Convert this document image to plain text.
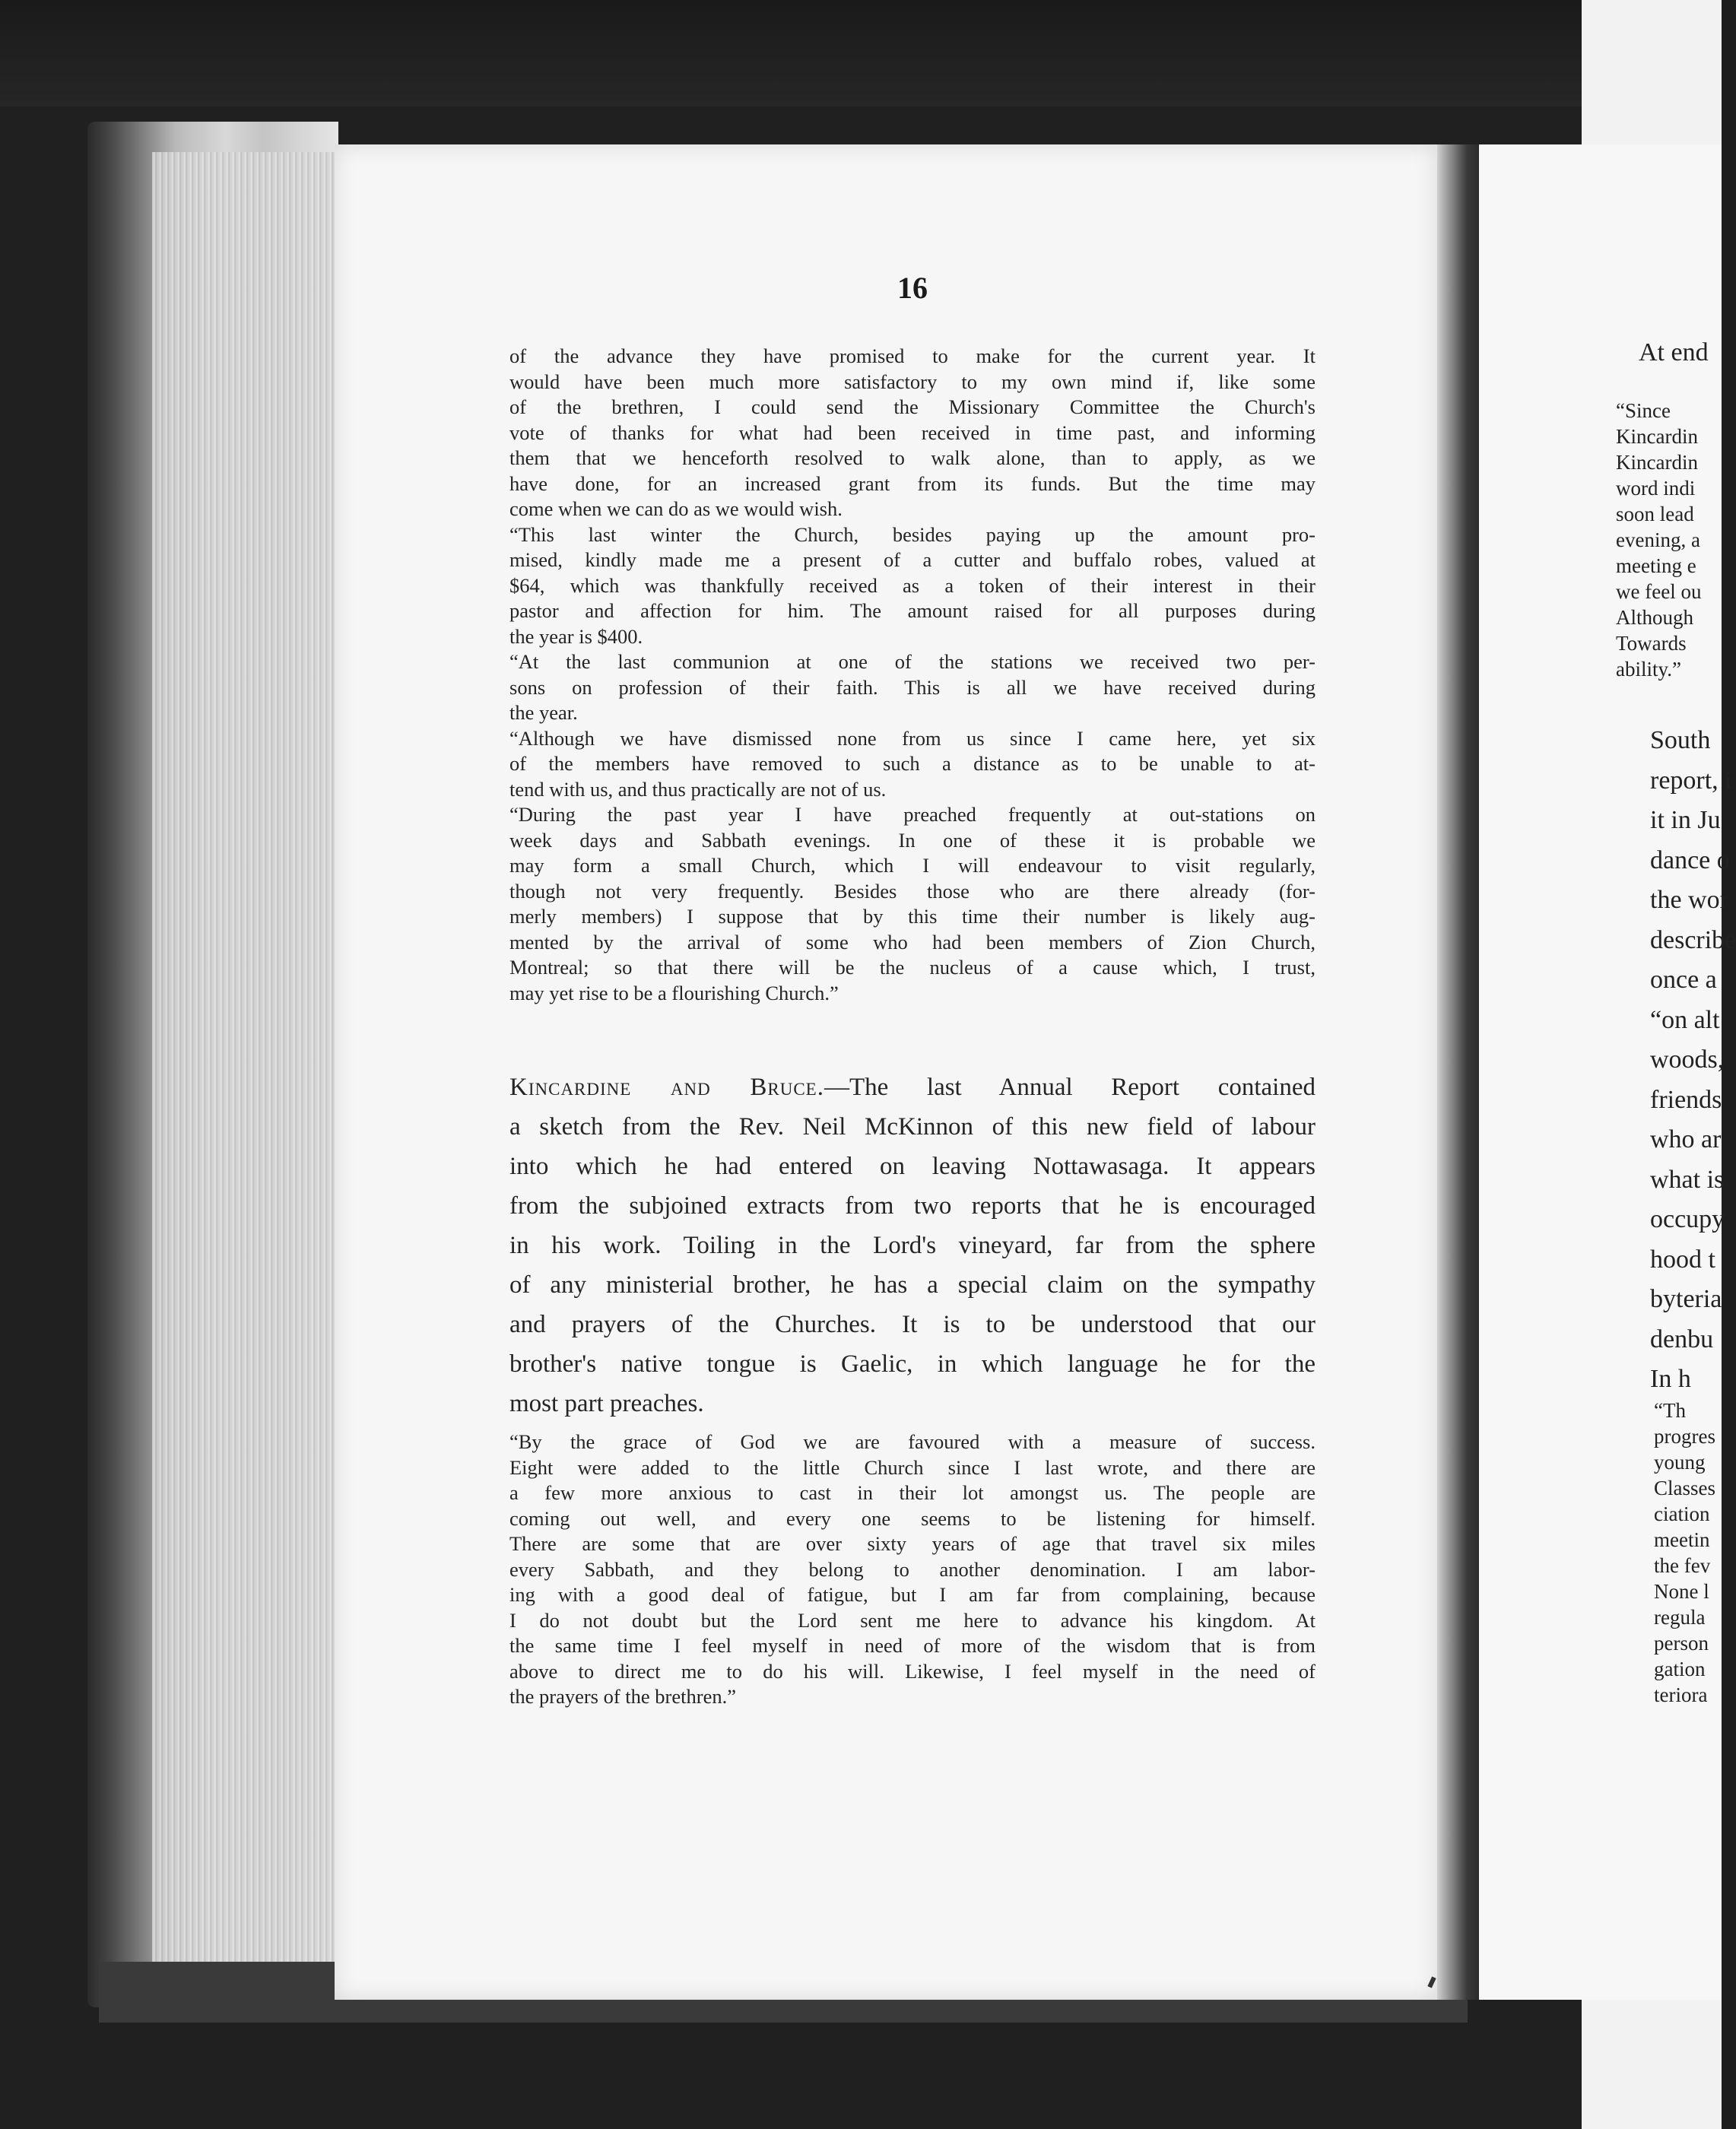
At end
“Since
Kincardin
Kincardin
word indi
soon lead
evening, a
meeting e
we feel ou
Although
Towards
ability.”
South
report, i
it in Ju
dance o
the wor
describe
once a
“on alt
woods,
friends
who ar
what is
occupy
hood t
byteria
denbu
In h
“Th
progres
young
Classes
ciation
meetin
the fev
None l
regula
person
gation
teriora
16
of the advance they have promised to make for the current year. It
would have been much more satisfactory to my own mind if, like some
of the brethren, I could send the Missionary Committee the Church's
vote of thanks for what had been received in time past, and informing
them that we henceforth resolved to walk alone, than to apply, as we
have done, for an increased grant from its funds. But the time may
come when we can do as we would wish.
“This last winter the Church, besides paying up the amount pro-
mised, kindly made me a present of a cutter and buffalo robes, valued at
$64, which was thankfully received as a token of their interest in their
pastor and affection for him. The amount raised for all purposes during
the year is $400.
“At the last communion at one of the stations we received two per-
sons on profession of their faith. This is all we have received during
the year.
“Although we have dismissed none from us since I came here, yet six
of the members have removed to such a distance as to be unable to at-
tend with us, and thus practically are not of us.
“During the past year I have preached frequently at out-stations on
week days and Sabbath evenings. In one of these it is probable we
may form a small Church, which I will endeavour to visit regularly,
though not very frequently. Besides those who are there already (for-
merly members) I suppose that by this time their number is likely aug-
mented by the arrival of some who had been members of Zion Church,
Montreal; so that there will be the nucleus of a cause which, I trust,
may yet rise to be a flourishing Church.”
Kincardine and Bruce.—The last Annual Report contained
a sketch from the Rev. Neil McKinnon of this new field of labour
into which he had entered on leaving Nottawasaga. It appears
from the subjoined extracts from two reports that he is encouraged
in his work. Toiling in the Lord's vineyard, far from the sphere
of any ministerial brother, he has a special claim on the sympathy
and prayers of the Churches. It is to be understood that our
brother's native tongue is Gaelic, in which language he for the
most part preaches.
“By the grace of God we are favoured with a measure of success.
Eight were added to the little Church since I last wrote, and there are
a few more anxious to cast in their lot amongst us. The people are
coming out well, and every one seems to be listening for himself.
There are some that are over sixty years of age that travel six miles
every Sabbath, and they belong to another denomination. I am labor-
ing with a good deal of fatigue, but I am far from complaining, because
I do not doubt but the Lord sent me here to advance his kingdom. At
the same time I feel myself in need of more of the wisdom that is from
above to direct me to do his will. Likewise, I feel myself in the need of
the prayers of the brethren.”
